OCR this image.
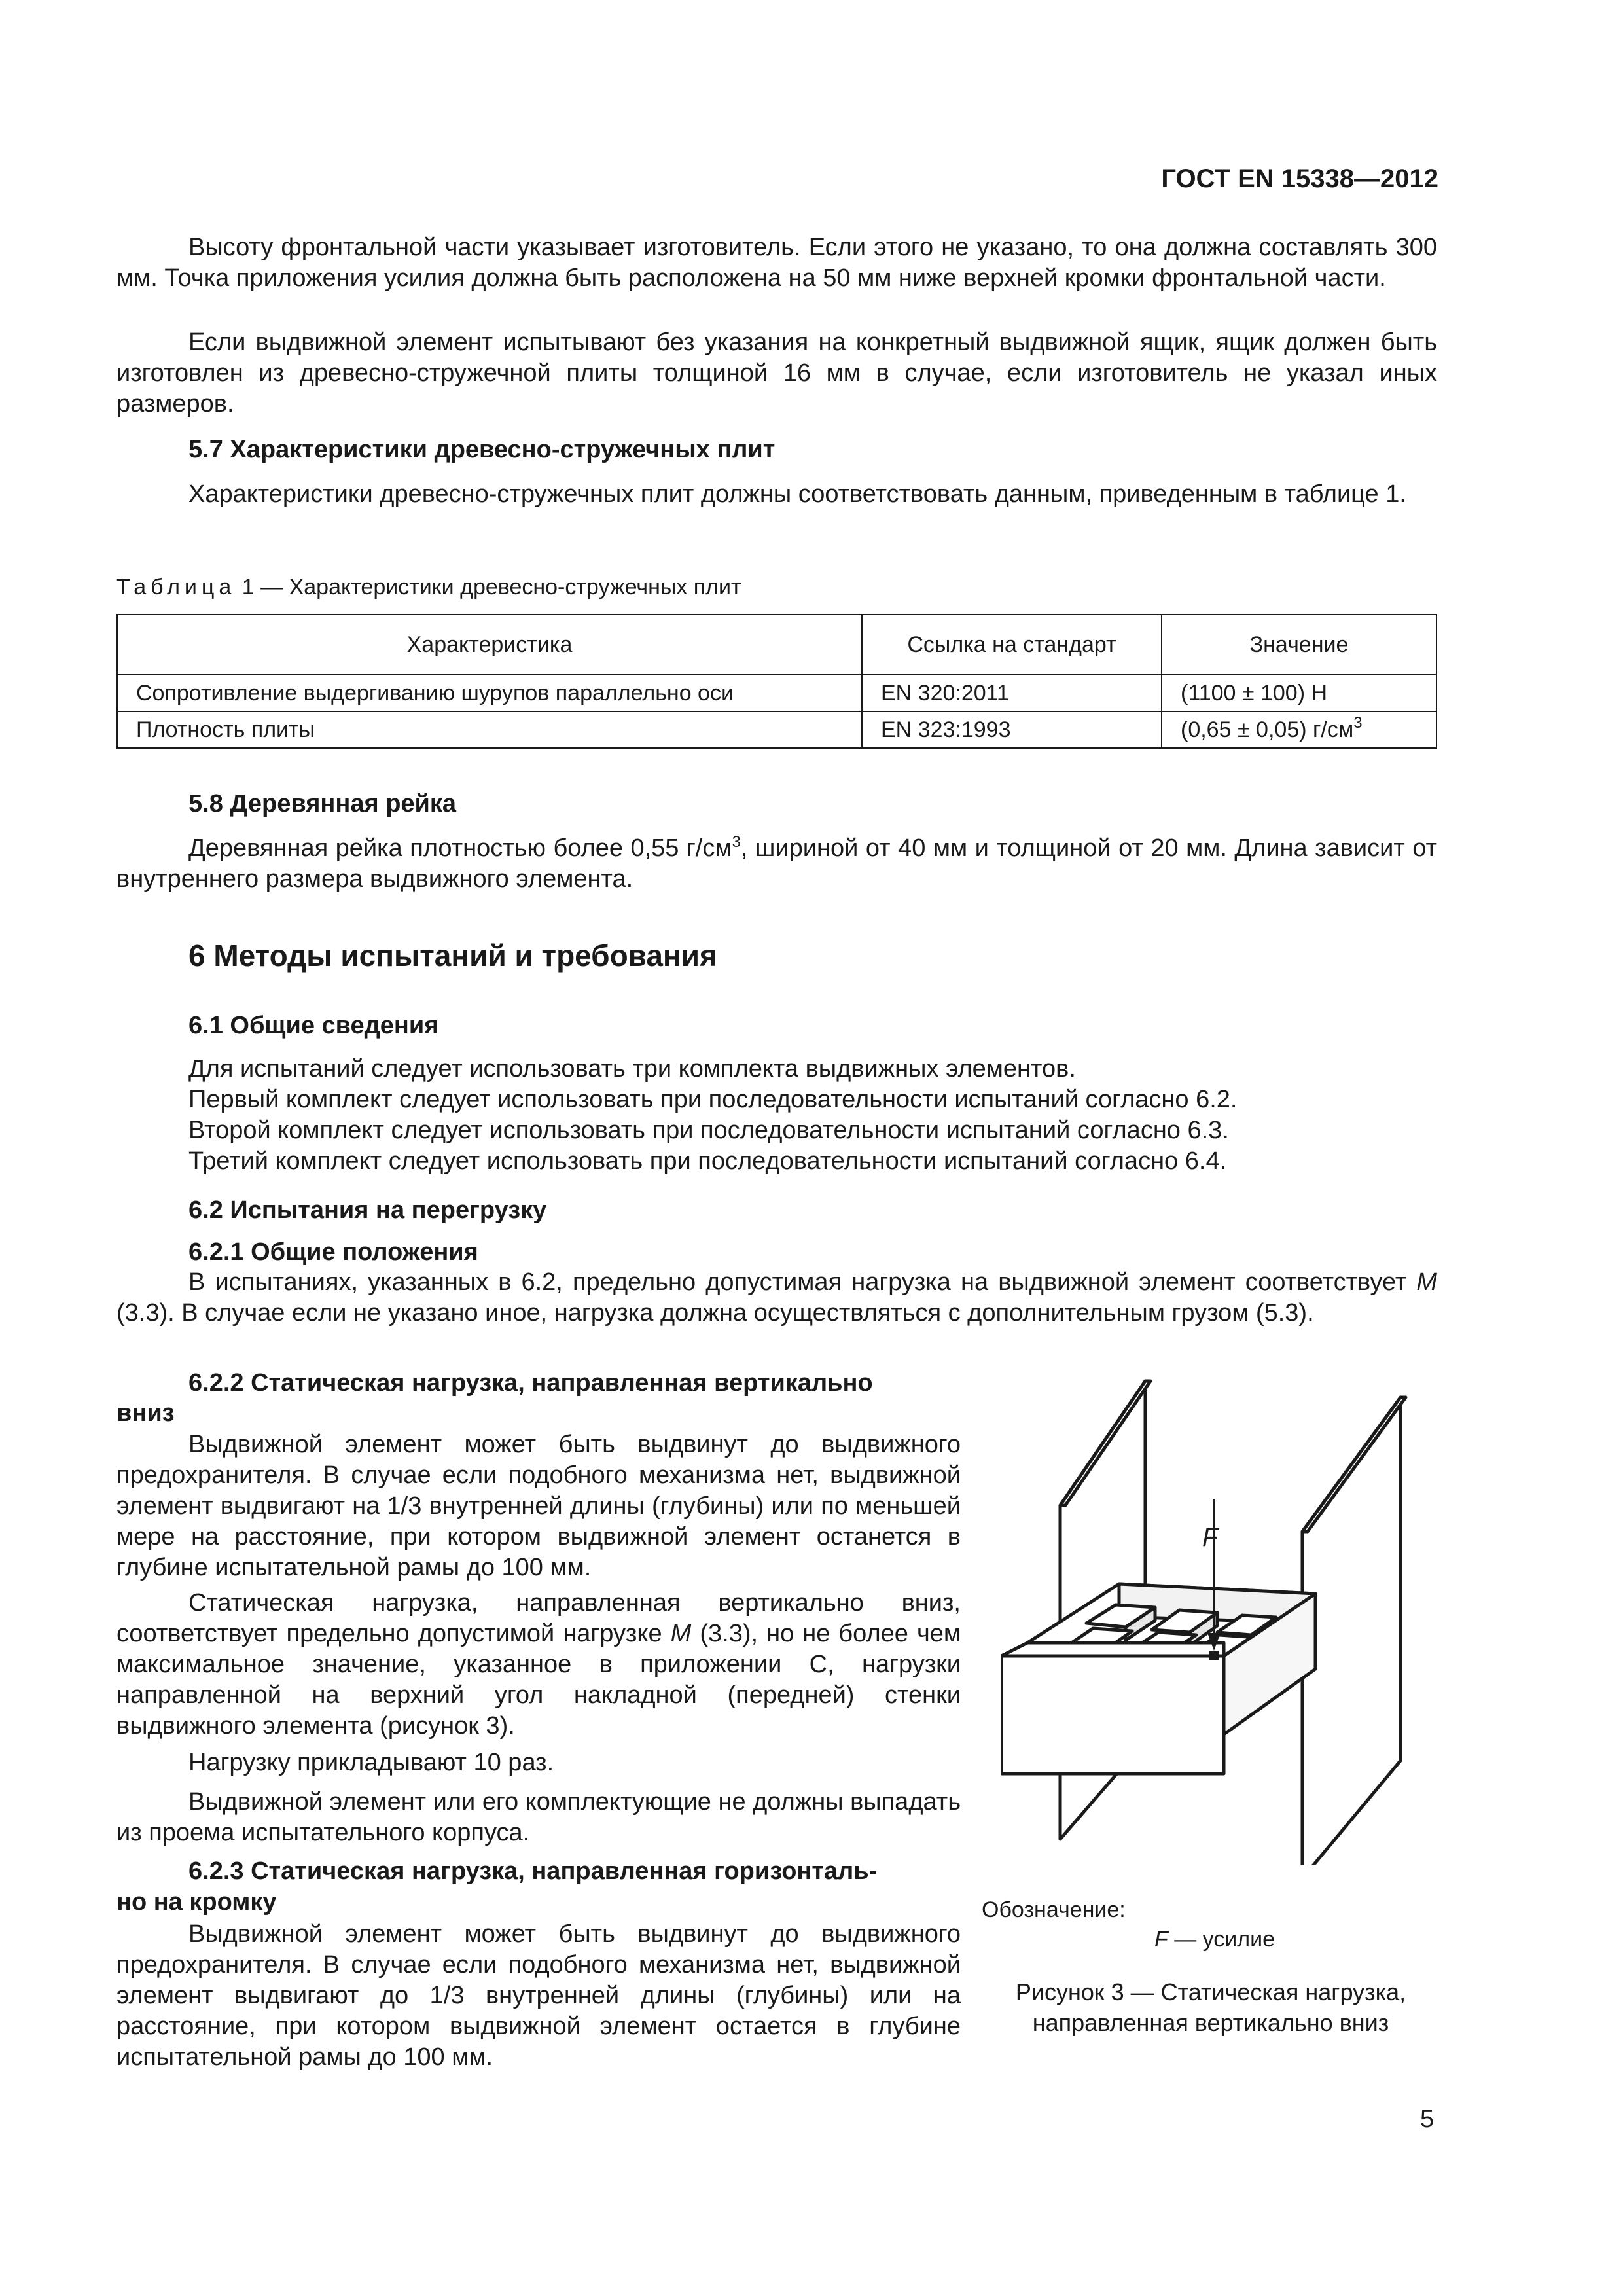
ГОСТ EN 15338—2012

Высоту фронтальной части указывает изготовитель. Если этого не указано, то она должна составлять 300 мм. Точка приложения усилия должна быть расположена на 50 мм ниже верхней кромки фронтальной части.

Если выдвижной элемент испытывают без указания на конкретный выдвижной ящик, ящик должен быть изготовлен из древесно-стружечной плиты толщиной 16 мм в случае, если изготовитель не указал иных размеров.

5.7 Характеристики древесно-стружечных плит

Характеристики древесно-стружечных плит должны соответствовать данным, приведенным в таблице 1.

Таблица 1 — Характеристики древесно-стружечных плит
Характеристика	Ссылка на стандарт	Значение
Сопротивление выдергиванию шурупов параллельно оси	EN 320:2011	(1100 ± 100) Н
Плотность плиты	EN 323:1993	(0,65 ± 0,05) $г/см^3$
5.8 Деревянная рейка

Деревянная рейка плотностью более 0,55 $г/см^3$, шириной от 40 мм и толщиной от 20 мм. Длина зависит от внутреннего размера выдвижного элемента.

6 Методы испытаний и требования
6.1 Общие сведения
Для испытаний следует использовать три комплекта выдвижных элементов.
Первый комплект следует использовать при последовательности испытаний согласно 6.2.
Второй комплект следует использовать при последовательности испытаний согласно 6.3.
Третий комплект следует использовать при последовательности испытаний согласно 6.4.
6.2 Испытания на перегрузку
6.2.1 Общие положения

В испытаниях, указанных в 6.2, предельно допустимая нагрузка на выдвижной элемент соответствует M (3.3). В случае если не указано иное, нагрузка должна осуществляться с дополнительным грузом (5.3).

6.2.2 Статическая нагрузка, направленная вертикально
вниз

Выдвижной элемент может быть выдвинут до выдвижного предохранителя. В случае если подобного механизма нет, выдвижной элемент выдвигают на 1/3 внутренней длины (глубины) или по меньшей мере на расстояние, при котором выдвижной элемент останется в глубине испытательной рамы до 100 мм.

Статическая нагрузка, направленная вертикально вниз, соответствует предельно допустимой нагрузке M (3.3), но не более чем максимальное значение, указанное в приложении С, нагрузки направленной на верхний угол накладной (передней) стенки выдвижного элемента (рисунок 3).

Нагрузку прикладывают 10 раз.

Выдвижной элемент или его комплектующие не должны выпадать из проема испытательного корпуса.

6.2.3 Статическая нагрузка, направленная горизонталь-
но на кромку

Выдвижной элемент может быть выдвинут до выдвижного предохранителя. В случае если подобного механизма нет, выдвижной элемент выдвигают до 1/3 внутренней длины (глубины) или на расстояние, при котором выдвижной элемент остается в глубине испытательной рамы до 100 мм.

F
Обозначение:
F — усилие
Рисунок 3 — Статическая нагрузка,
направленная вертикально вниз
5
